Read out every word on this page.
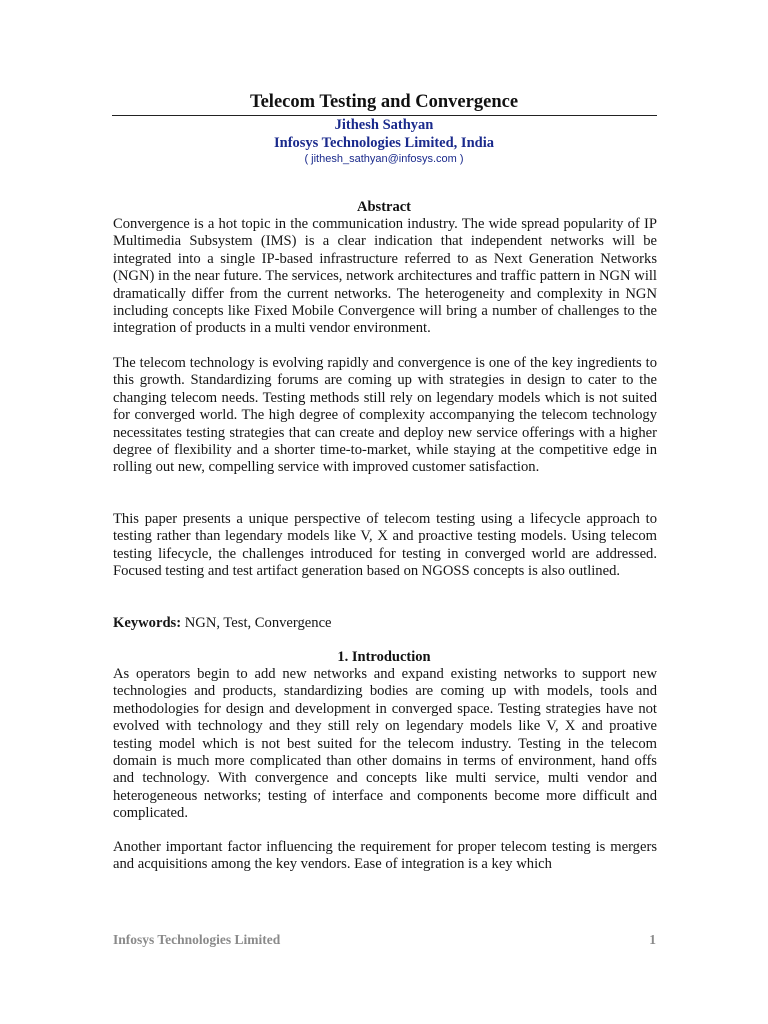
Telecom Testing and Convergence
Jithesh Sathyan
Infosys Technologies Limited, India
( jithesh_sathyan@infosys.com )
Abstract

Convergence is a hot topic in the communication industry. The wide spread popularity of IP Multimedia Subsystem (IMS) is a clear indication that independent networks will be integrated into a single IP-based infrastructure referred to as Next Generation Networks (NGN) in the near future. The services, network architectures and traffic pattern in NGN will dramatically differ from the current networks. The heterogeneity and complexity in NGN including concepts like Fixed Mobile Convergence will bring a number of challenges to the integration of products in a multi vendor environment.

The telecom technology is evolving rapidly and convergence is one of the key ingredients to this growth. Standardizing forums are coming up with strategies in design to cater to the changing telecom needs. Testing methods still rely on legendary models which is not suited for converged world. The high degree of complexity accompanying the telecom technology necessitates testing strategies that can create and deploy new service offerings with a higher degree of flexibility and a shorter time-to-market, while staying at the competitive edge in rolling out new, compelling service with improved customer satisfaction.

This paper presents a unique perspective of telecom testing using a lifecycle approach to testing rather than legendary models like V, X and proactive testing models. Using telecom testing lifecycle, the challenges introduced for testing in converged world are addressed. Focused testing and test artifact generation based on NGOSS concepts is also outlined.

Keywords: NGN, Test, Convergence

1. Introduction

As operators begin to add new networks and expand existing networks to support new technologies and products, standardizing bodies are coming up with models, tools and methodologies for design and development in converged space. Testing strategies have not evolved with technology and they still rely on legendary models like V, X and proative testing model which is not best suited for the telecom industry. Testing in the telecom domain is much more complicated than other domains in terms of environment, hand offs and technology. With convergence and concepts like multi service, multi vendor and heterogeneous networks; testing of interface and components become more difficult and complicated.

Another important factor influencing the requirement for proper telecom testing is mergers and acquisitions among the key vendors. Ease of integration is a key which

Infosys Technologies Limited	1
